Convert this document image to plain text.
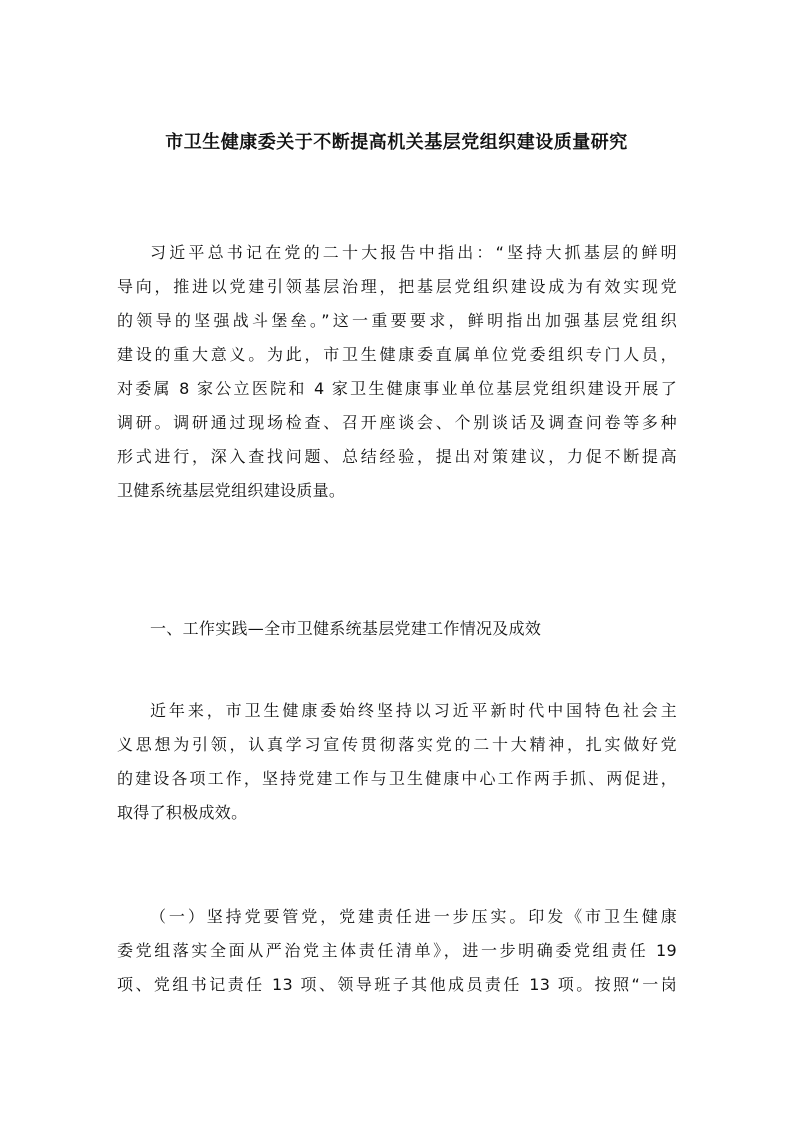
市卫生健康委关于不断提高机关基层党组织建设质量研究
习近平总书记在党的二十大报告中指出：“坚持大抓基层的鲜明
导向，推进以党建引领基层治理，把基层党组织建设成为有效实现党
的领导的坚强战斗堡垒。”这一重要要求，鲜明指出加强基层党组织
建设的重大意义。为此，市卫生健康委直属单位党委组织专门人员，
对委属 8 家公立医院和 4 家卫生健康事业单位基层党组织建设开展了
调研。调研通过现场检查、召开座谈会、个别谈话及调查问卷等多种
形式进行，深入查找问题、总结经验，提出对策建议，力促不断提高
卫健系统基层党组织建设质量。
一、工作实践—全市卫健系统基层党建工作情况及成效
近年来，市卫生健康委始终坚持以习近平新时代中国特色社会主
义思想为引领，认真学习宣传贯彻落实党的二十大精神，扎实做好党
的建设各项工作，坚持党建工作与卫生健康中心工作两手抓、两促进，
取得了积极成效。
（一）坚持党要管党，党建责任进一步压实。印发《市卫生健康
委党组落实全面从严治党主体责任清单》，进一步明确委党组责任 19
项、党组书记责任 13 项、领导班子其他成员责任 13 项。按照“一岗
